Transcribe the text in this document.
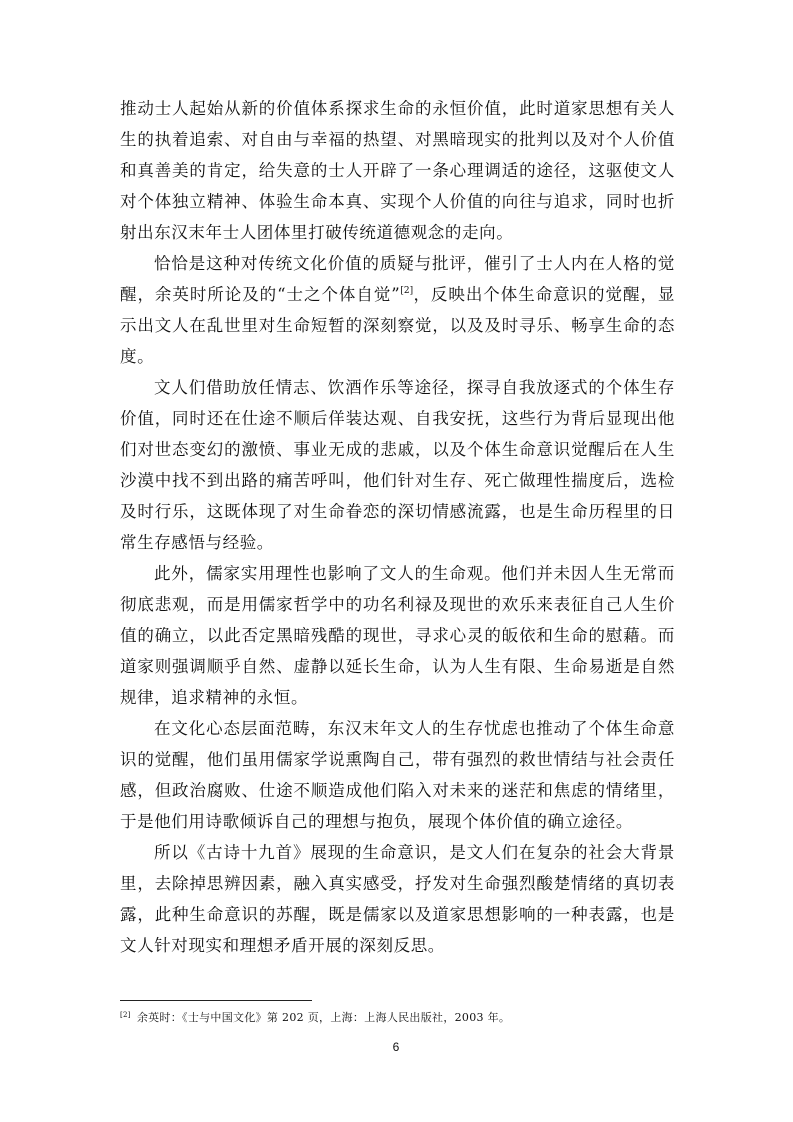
推动士人起始从新的价值体系探求生命的永恒价值，此时道家思想有关人生的执着追索、对自由与幸福的热望、对黑暗现实的批判以及对个人价值和真善美的肯定，给失意的士人开辟了一条心理调适的途径，这驱使文人对个体独立精神、体验生命本真、实现个人价值的向往与追求，同时也折射出东汉末年士人团体里打破传统道德观念的走向。

恰恰是这种对传统文化价值的质疑与批评，催引了士人内在人格的觉醒，余英时所论及的“士之个体自觉”[2]，反映出个体生命意识的觉醒，显示出文人在乱世里对生命短暂的深刻察觉，以及及时寻乐、畅享生命的态度。

文人们借助放任情志、饮酒作乐等途径，探寻自我放逐式的个体生存价值，同时还在仕途不顺后佯装达观、自我安抚，这些行为背后显现出他们对世态变幻的激愤、事业无成的悲戚，以及个体生命意识觉醒后在人生沙漠中找不到出路的痛苦呼叫，他们针对生存、死亡做理性揣度后，选检及时行乐，这既体现了对生命眷恋的深切情感流露，也是生命历程里的日常生存感悟与经验。

此外，儒家实用理性也影响了文人的生命观。他们并未因人生无常而彻底悲观，而是用儒家哲学中的功名利禄及现世的欢乐来表征自己人生价值的确立，以此否定黑暗残酷的现世，寻求心灵的皈依和生命的慰藉。而道家则强调顺乎自然、虚静以延长生命，认为人生有限、生命易逝是自然规律，追求精神的永恒。

在文化心态层面范畴，东汉末年文人的生存忧虑也推动了个体生命意识的觉醒，他们虽用儒家学说熏陶自己，带有强烈的救世情结与社会责任感，但政治腐败、仕途不顺造成他们陷入对未来的迷茫和焦虑的情绪里，于是他们用诗歌倾诉自己的理想与抱负，展现个体价值的确立途径。

所以《古诗十九首》展现的生命意识，是文人们在复杂的社会大背景里，去除掉思辨因素，融入真实感受，抒发对生命强烈酸楚情绪的真切表露，此种生命意识的苏醒，既是儒家以及道家思想影响的一种表露，也是文人针对现实和理想矛盾开展的深刻反思。

[2] 余英时：《士与中国文化》第 202 页，上海：上海人民出版社，2003 年。
6
